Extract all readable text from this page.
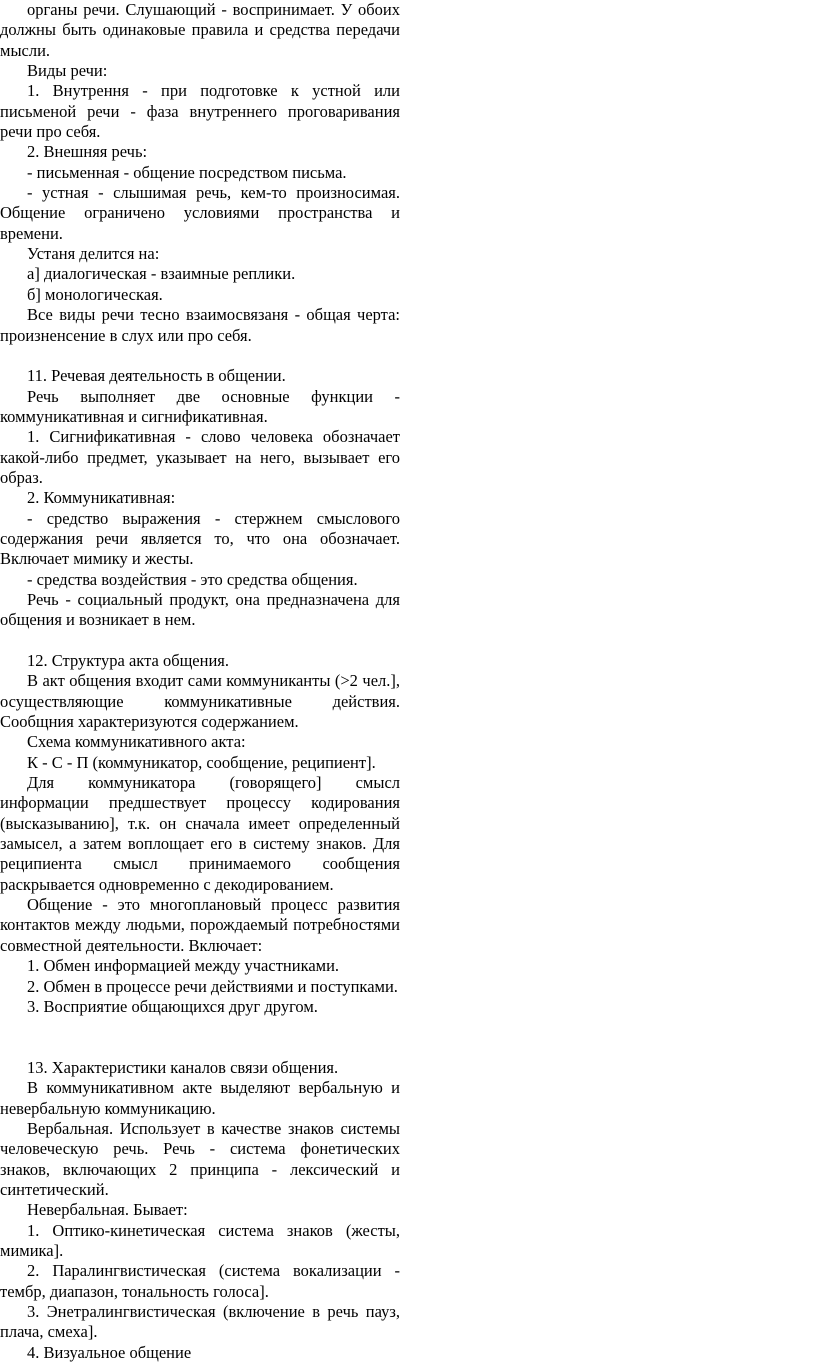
органы речи. Слушающий - воспринимает. У обоих должны быть одинаковые правила и средства передачи мысли.

Виды речи:

1. Внутрення - при подготовке к устной или письменой речи - фаза внутреннего проговаривания речи про себя.

2. Внешняя речь:

- письменная - общение посредством письма.

- устная - слышимая речь, кем-то произносимая. Общение ограничено условиями пространства и времени.

Устаня делится на:

а] диалогическая - взаимные реплики.

б] монологическая.

Все виды речи тесно взаимосвязаня - общая черта: произненсение в слух или про себя.

11. Речевая деятельность в общении.

Речь выполняет две основные функции - коммуникативная и сигнификативная.

1. Сигнификативная - слово человека обозначает какой-либо предмет, указывает на него, вызывает его образ.

2. Коммуникативная:

- средство выражения - стержнем смыслового содержания речи является то, что она обозначает. Включает мимику и жесты.

- средства воздействия - это средства общения.

Речь - социальный продукт, она предназначена для общения и возникает в нем.

12. Структура акта общения.

В акт общения входит сами коммуниканты (>2 чел.], осуществляющие коммуникативные действия. Сообщния характеризуются содержанием.

Схема коммуникативного акта:

К - С - П (коммуникатор, сообщение, реципиент].

Для коммуникатора (говорящего] смысл информации предшествует процессу кодирования (высказыванию], т.к. он сначала имеет определенный замысел, а затем воплощает его в систему знаков. Для реципиента смысл принимаемого сообщения раскрывается одновременно с декодированием.

Общение - это многоплановый процесс развития контактов между людьми, порождаемый потребностями совместной деятельности. Включает:

1. Обмен информацией между участниками.

2. Обмен в процессе речи действиями и поступками.

3. Восприятие общающихся друг другом.

13. Характеристики каналов связи общения.

В коммуникативном акте выделяют вербальную и невербальную коммуникацию.

Вербальная. Использует в качестве знаков системы человеческую речь. Речь - система фонетических знаков, включающих 2 принципа - лексический и синтетический.

Невербальная. Бывает:

1. Оптико-кинетическая система знаков (жесты, мимика].

2. Паралингвистическая (система вокализации - тембр, диапазон, тональность голоса].

3. Энетралингвистическая (включение в речь пауз, плача, смеха].

4. Визуальное общение
